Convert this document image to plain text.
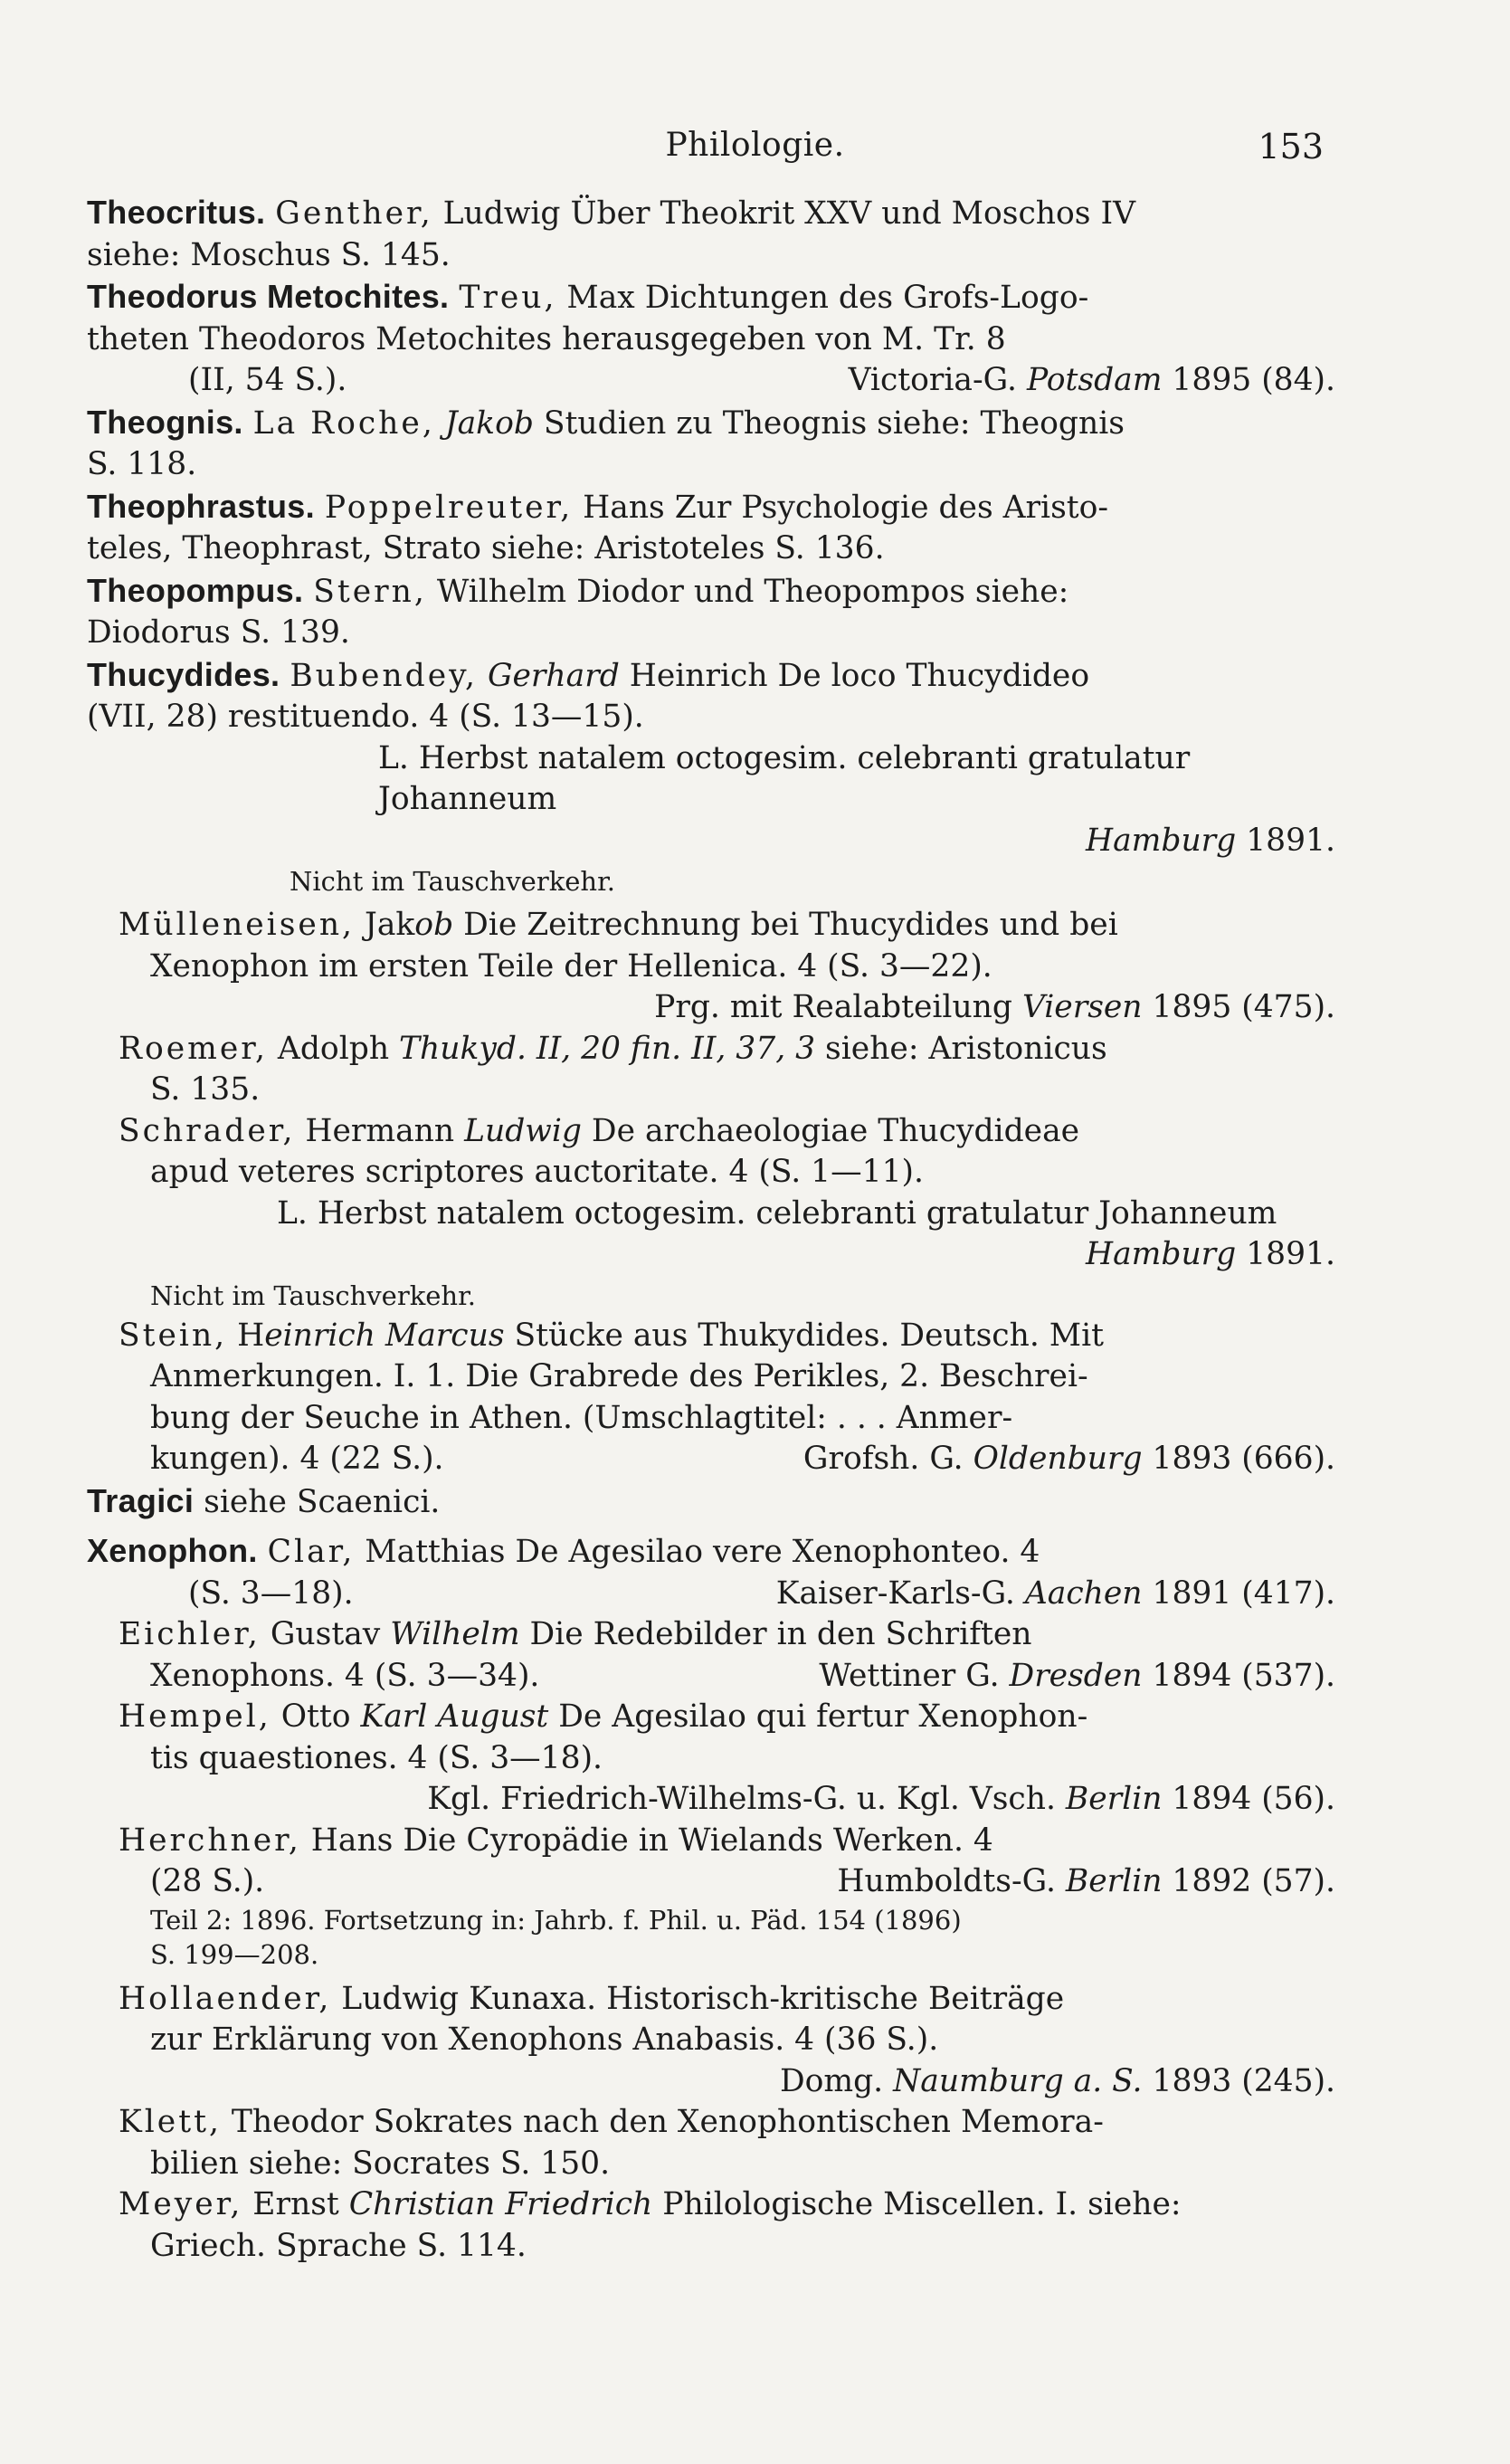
Philologie.	153
Theocritus. Genther, Ludwig Über Theokrit XXV und Moschos IV
siehe: Moschus S. 145.
Theodorus Metochites. Treu, Max Dichtungen des Grofs-Logo-
theten Theodoros Metochites herausgegeben von M. Tr. 8
(II, 54 S.).	Victoria-G. Potsdam 1895 (84).
Theognis. La Roche, Jakob Studien zu Theognis siehe: Theognis
S. 118.
Theophrastus. Poppelreuter, Hans Zur Psychologie des Aristo-
teles, Theophrast, Strato siehe: Aristoteles S. 136.
Theopompus. Stern, Wilhelm Diodor und Theopompos siehe:
Diodorus S. 139.
Thucydides. Bubendey, Gerhard Heinrich De loco Thucydideo
(VII, 28) restituendo. 4 (S. 13—15).
L. Herbst natalem octogesim. celebranti gratulatur Johanneum
Hamburg 1891.
Nicht im Tauschverkehr.
Mülleneisen, Jakob Die Zeitrechnung bei Thucydides und bei
Xenophon im ersten Teile der Hellenica. 4 (S. 3—22).
Prg. mit Realabteilung Viersen 1895 (475).
Roemer, Adolph Thukyd. II, 20 fin. II, 37, 3 siehe: Aristonicus
S. 135.
Schrader, Hermann Ludwig De archaeologiae Thucydideae
apud veteres scriptores auctoritate. 4 (S. 1—11).
L. Herbst natalem octogesim. celebranti gratulatur Johanneum
Hamburg 1891.
Nicht im Tauschverkehr.
Stein, Heinrich Marcus Stücke aus Thukydides. Deutsch. Mit
Anmerkungen. I. 1. Die Grabrede des Perikles, 2. Beschrei-
bung der Seuche in Athen. (Umschlagtitel: . . . Anmer-
kungen). 4 (22 S.).	Grofsh. G. Oldenburg 1893 (666).
Tragici siehe Scaenici.
Xenophon. Clar, Matthias De Agesilao vere Xenophonteo. 4
(S. 3—18).	Kaiser-Karls-G. Aachen 1891 (417).
Eichler, Gustav Wilhelm Die Redebilder in den Schriften
Xenophons. 4 (S. 3—34).	Wettiner G. Dresden 1894 (537).
Hempel, Otto Karl August De Agesilao qui fertur Xenophon-
tis quaestiones. 4 (S. 3—18).
Kgl. Friedrich-Wilhelms-G. u. Kgl. Vsch. Berlin 1894 (56).
Herchner, Hans Die Cyropädie in Wielands Werken. 4
(28 S.).	Humboldts-G. Berlin 1892 (57).
Teil 2: 1896. Fortsetzung in: Jahrb. f. Phil. u. Päd. 154 (1896)
S. 199—208.
Hollaender, Ludwig Kunaxa. Historisch-kritische Beiträge
zur Erklärung von Xenophons Anabasis. 4 (36 S.).
Domg. Naumburg a. S. 1893 (245).
Klett, Theodor Sokrates nach den Xenophontischen Memora-
bilien siehe: Socrates S. 150.
Meyer, Ernst Christian Friedrich Philologische Miscellen. I. siehe:
Griech. Sprache S. 114.
